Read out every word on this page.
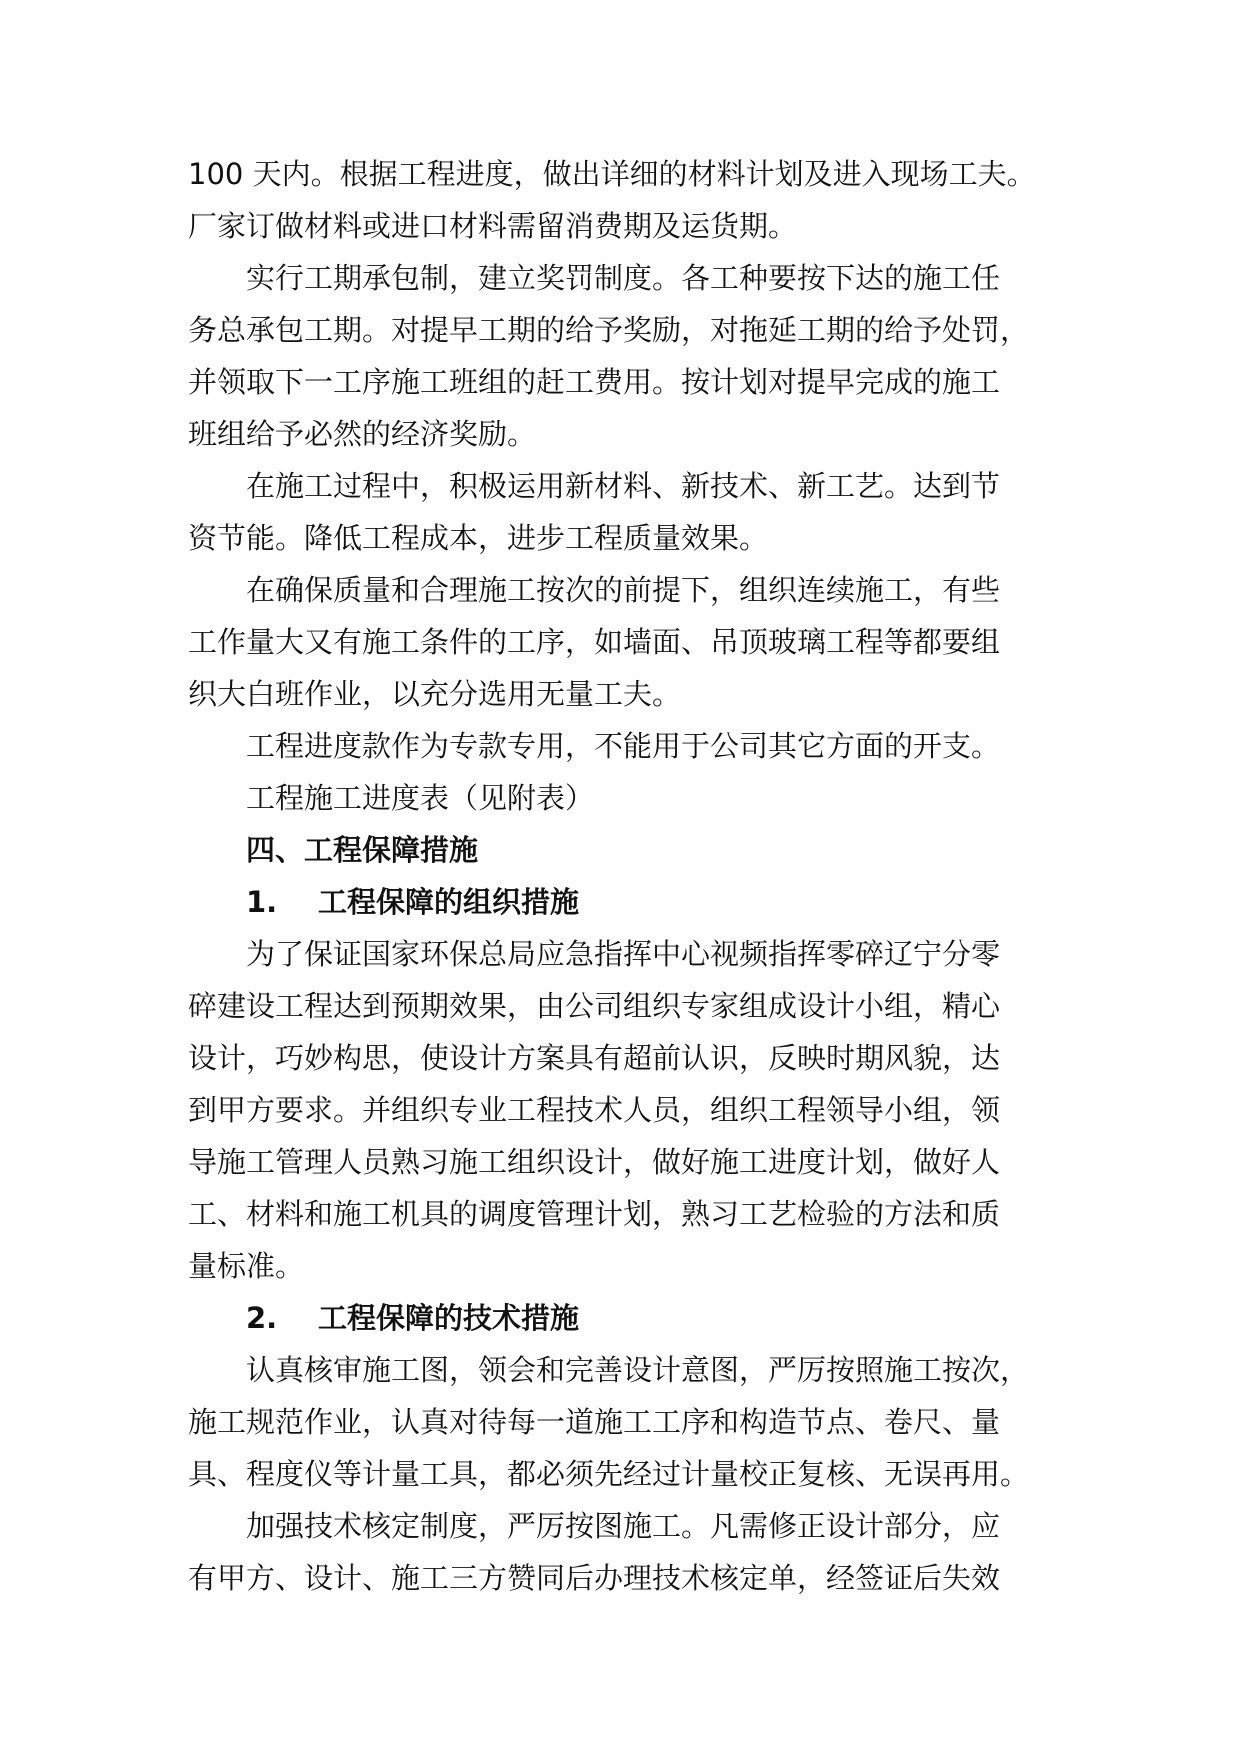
100 天内。根据工程进度，做出详细的材料计划及进入现场工夫。

厂家订做材料或进口材料需留消费期及运货期。

实行工期承包制，建立奖罚制度。各工种要按下达的施工任

务总承包工期。对提早工期的给予奖励，对拖延工期的给予处罚，

并领取下一工序施工班组的赶工费用。按计划对提早完成的施工

班组给予必然的经济奖励。

在施工过程中，积极运用新材料、新技术、新工艺。达到节

资节能。降低工程成本，进步工程质量效果。

在确保质量和合理施工按次的前提下，组织连续施工，有些

工作量大又有施工条件的工序，如墙面、吊顶玻璃工程等都要组

织大白班作业，以充分选用无量工夫。

工程进度款作为专款专用，不能用于公司其它方面的开支。

工程施工进度表（见附表）

四、工程保障措施

1. 工程保障的组织措施

为了保证国家环保总局应急指挥中心视频指挥零碎辽宁分零

碎建设工程达到预期效果，由公司组织专家组成设计小组，精心

设计，巧妙构思，使设计方案具有超前认识，反映时期风貌，达

到甲方要求。并组织专业工程技术人员，组织工程领导小组，领

导施工管理人员熟习施工组织设计，做好施工进度计划，做好人

工、材料和施工机具的调度管理计划，熟习工艺检验的方法和质

量标准。

2. 工程保障的技术措施

认真核审施工图，领会和完善设计意图，严厉按照施工按次，

施工规范作业，认真对待每一道施工工序和构造节点、卷尺、量

具、程度仪等计量工具，都必须先经过计量校正复核、无误再用。

加强技术核定制度，严厉按图施工。凡需修正设计部分，应

有甲方、设计、施工三方赞同后办理技术核定单，经签证后失效
